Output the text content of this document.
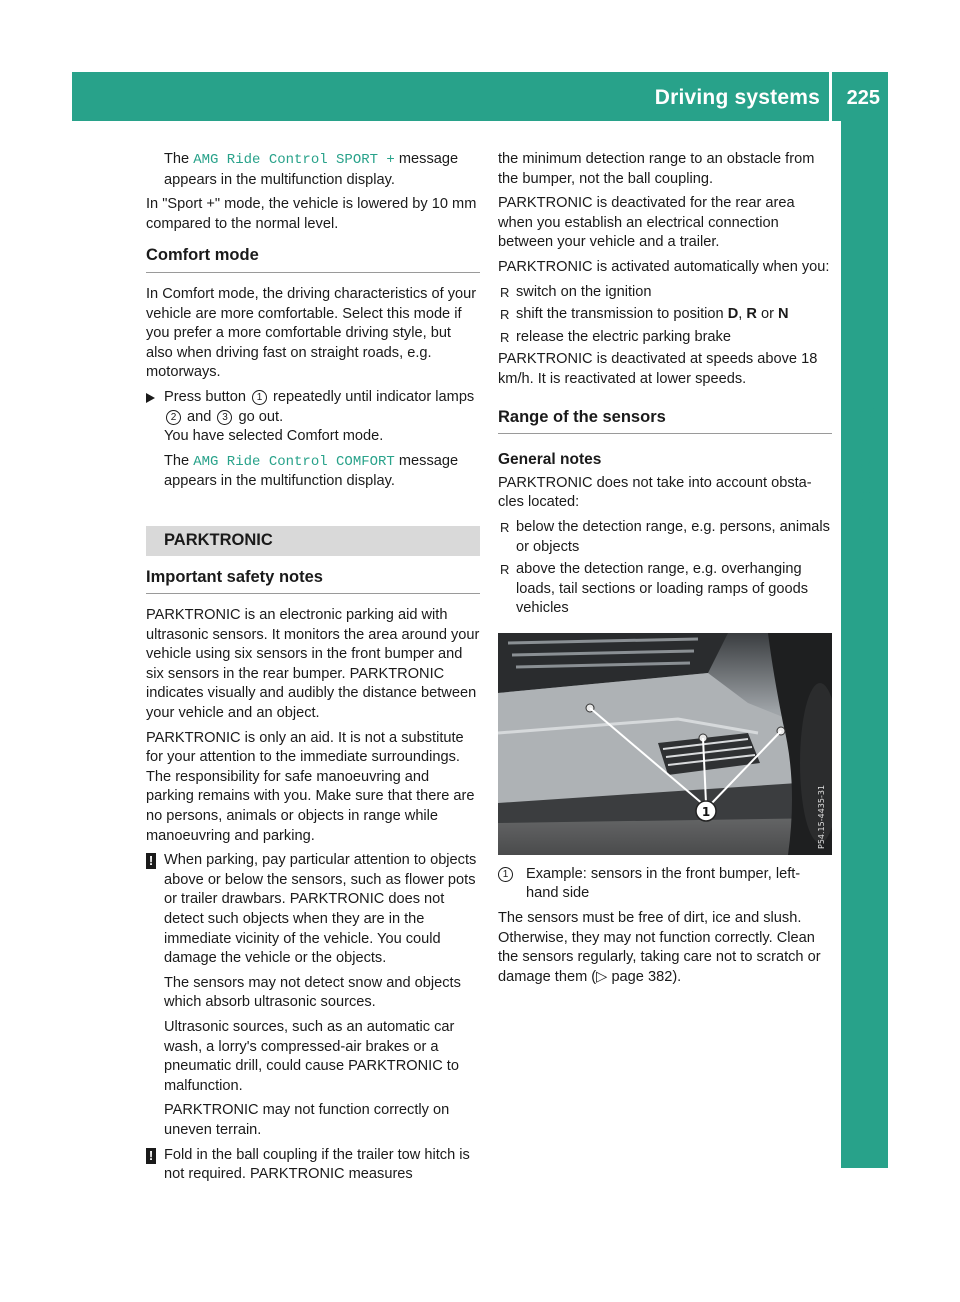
Driving systems 225
Driving and parking

The AMG Ride Control SPORT + message appears in the multifunction display.

In "Sport +" mode, the vehicle is lowered by 10 mm compared to the normal level.

Comfort mode

In Comfort mode, the driving characteristics of your vehicle are more comfortable. Select this mode if you prefer a more comfortable driving style, but also when driving fast on straight roads, e.g. motorways.

Press button 1 repeatedly until indicator lamps 2 and 3 go out.

You have selected Comfort mode.

The AMG Ride Control COMFORT message appears in the multifunction display.

PARKTRONIC
Important safety notes

PARKTRONIC is an electronic parking aid with ultrasonic sensors. It monitors the area around your vehicle using six sensors in the front bumper and six sensors in the rear bumper. PARKTRONIC indicates visually and audibly the distance between your vehicle and an object.

PARKTRONIC is only an aid. It is not a substitute for your attention to the immediate surroundings. The responsibility for safe manoeuvring and parking remains with you. Make sure that there are no persons, animals or objects in range while manoeuvring and parking.

! When parking, pay particular attention to objects above or below the sensors, such as flower pots or trailer drawbars. PARKTRONIC does not detect such objects when they are in the immediate vicinity of the vehicle. You could damage the vehicle or the objects.

The sensors may not detect snow and objects which absorb ultrasonic sources.

Ultrasonic sources, such as an automatic car wash, a lorry's compressed-air brakes or a pneumatic drill, could cause PARKTRONIC to malfunction.

PARKTRONIC may not function correctly on uneven terrain.

! Fold in the ball coupling if the trailer tow hitch is not required. PARKTRONIC measures

the minimum detection range to an obstacle from the bumper, not the ball coupling.

PARKTRONIC is deactivated for the rear area when you establish an electrical connection between your vehicle and a trailer.

PARKTRONIC is activated automatically when you:

R switch on the ignition
R shift the transmission to position D, R or N
R release the electric parking brake

PARKTRONIC is deactivated at speeds above 18 km/h. It is reactivated at lower speeds.

Range of the sensors
General notes

PARKTRONIC does not take into account obstacles located:

R below the detection range, e.g. persons, animals or objects
R above the detection range, e.g. overhanging loads, tail sections or loading ramps of goods vehicles
1	P54.15-4435-31
1	Example: sensors in the front bumper, left-hand side

The sensors must be free of dirt, ice and slush. Otherwise, they may not function correctly. Clean the sensors regularly, taking care not to scratch or damage them (▷ page 382).
